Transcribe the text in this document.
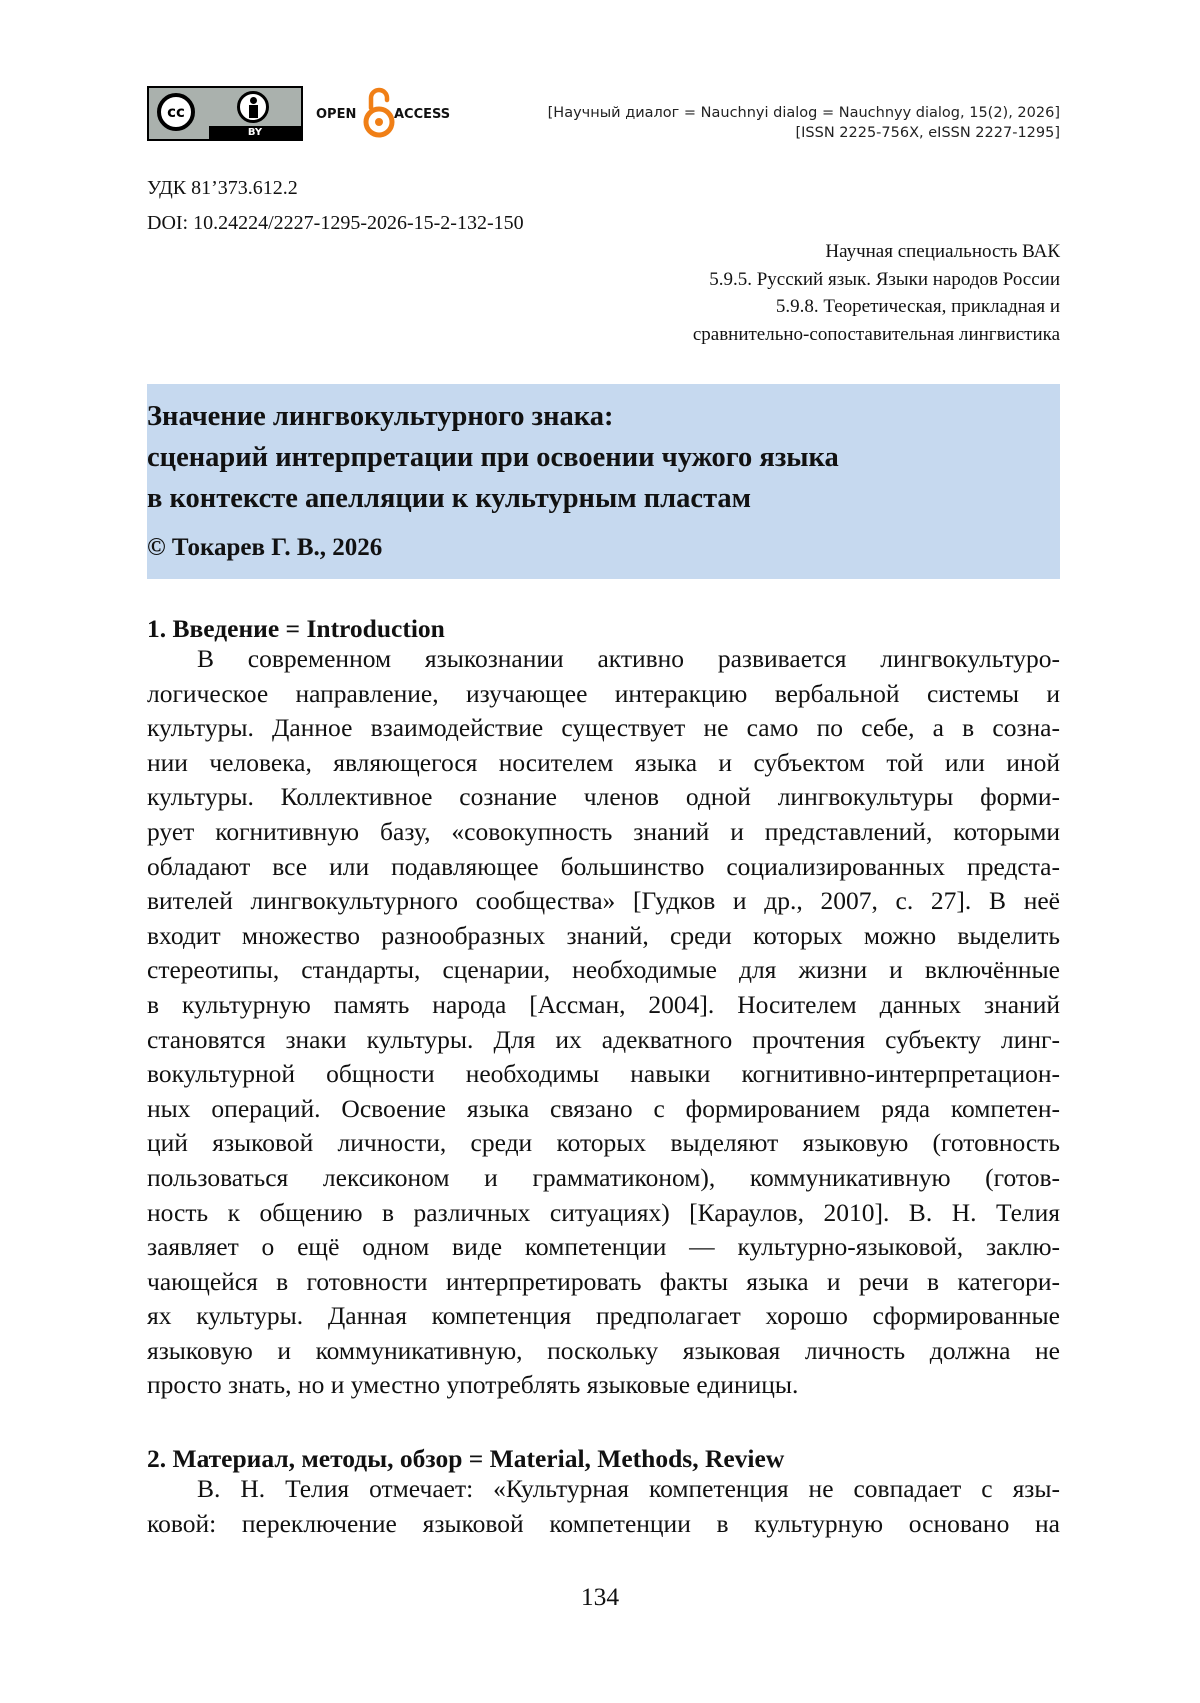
cc
BY
OPEN	ACCESS	[Научный диалог = Nauchnyi dialog = Nauchnyy dialog, 15(2), 2026]
[ISSN 2225-756X, eISSN 2227-1295]
УДК 81’373.612.2
DOI: 10.24224/2227-1295-2026-15-2-132-150
Научная специальность ВАК
5.9.5. Русский язык. Языки народов России
5.9.8. Теоретическая, прикладная и
сравнительно-сопоставительная лингвистика
Значение лингвокультурного знака:
сценарий интерпретации при освоении чужого языка
в контексте апелляции к культурным пластам
© Токарев Г. В., 2026
1. Введение = Introduction
В современном языкознании активно развивается лингвокультуро-
логическое направление, изучающее интеракцию вербальной системы и
культуры. Данное взаимодействие существует не само по себе, а в созна-
нии человека, являющегося носителем языка и субъектом той или иной
культуры. Коллективное сознание членов одной лингвокультуры форми-
рует когнитивную базу, «совокупность знаний и представлений, которыми
обладают все или подавляющее большинство социализированных предста-
вителей лингвокультурного сообщества» [Гудков и др., 2007, с. 27]. В неё
входит множество разнообразных знаний, среди которых можно выделить
стереотипы, стандарты, сценарии, необходимые для жизни и включённые
в культурную память народа [Ассман, 2004]. Носителем данных знаний
становятся знаки культуры. Для их адекватного прочтения субъекту линг-
вокультурной общности необходимы навыки когнитивно-интерпретацион-
ных операций. Освоение языка связано с формированием ряда компетен-
ций языковой личности, среди которых выделяют языковую (готовность
пользоваться лексиконом и грамматиконом), коммуникативную (готов-
ность к общению в различных ситуациях) [Караулов, 2010]. В. Н. Телия
заявляет о ещё одном виде компетенции — культурно-языковой, заклю-
чающейся в готовности интерпретировать факты языка и речи в категори-
ях культуры. Данная компетенция предполагает хорошо сформированные
языковую и коммуникативную, поскольку языковая личность должна не
просто знать, но и уместно употреблять языковые единицы.
2. Материал, методы, обзор = Material, Methods, Review
В. Н. Телия отмечает: «Культурная компетенция не совпадает с язы-
ковой: переключение языковой компетенции в культурную основано на
134
